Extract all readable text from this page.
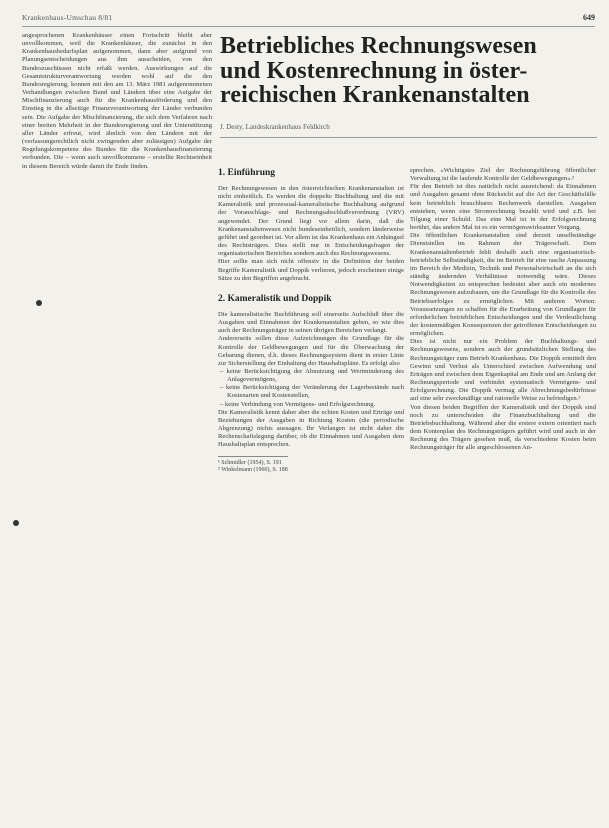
Krankenhaus-Umschau 8/81	649

angesprochenen Krankenhäuser einen Fortschritt bleibt aber unvollkommen, weil die Krankenhäuser, die zunächst in den Krankenhausbedarfsplan aufgenommen, dann aber aufgrund von Planungsentscheidungen aus ihm ausscheiden, von den Bundeszuschüssen nicht erfaßt werden. Auswirkungen auf die Gesamtstrukturverantwortung werden wohl auf die den Bundesregierung, konnen mit den am 13. März 1981 aufgenommenen Verhandlungen zwischen Bund und Ländern über eine Aufgabe der Mischfinanzierung auch für die Krankenhausförderung und den Einstieg in die allseitige Finanzverantwortung der Länder verbunden sein. Die Aufgabe der Mischfinanzierung, die sich dem Verfahren nach einer breiten Mehrheit in der Bundesregierung und der Unterstützung aller Länder erfreut, wird ähnlich von den Ländern mit der (verfassungsrechtlich nicht zwingenden aber zulässigen) Aufgabe der Regelungskompetenz des Bundes für die Krankenhausfinanzierung verbunden. Die – wenn auch unvollkommene – erstellte Rechtseinheit in diesem Bereich würde damit ihr Ende finden.

Betriebliches Rechnungswesen
und Kostenrechnung in öster-
reichischen Krankenanstalten
J. Desty, Landeskrankenhaus Feldkirch
1. Einführung

Der Rechnungswesen in den österreichischen Krankenanstalten ist nicht einheitlich. Es werden die doppelte Buchhaltung und die mit Kameralistik und prozessual-kameralistische Buchhaltung aufgrund der Voranschlags- und Rechnungsabschlußverordnung (VRV) angewendet. Der Grund liegt vor allem darin, daß die Krankenanstaltenwesen nicht bundeseinheitlich, sondern länderweise geführt und geordnet ist. Vor allem ist das Krankenhaus ein Anhängsel des Rechtsträgers. Dies stellt nur in Entscheidungsfragen der organisatorischen Bereiches sondern auch des Rechnungswesens.

Hier sollte man sich nicht offensiv in die Definition der beiden Begriffe Kameralistik und Doppik verlieren, jedoch erscheinen einige Sätze zu den Begriffen angebracht.

2. Kameralistik und Doppik

Die kameralistische Buchführung soll einerseits Aufschluß über die Ausgaben und Einnahmen der Krankenanstalten geben, so wie dies auch der Rechnungsträger in seinen übrigen Bereichen verlangt.

Andererseits sollen diese Aufzeichnungen die Grundlage für die Kontrolle der Geldbewegungen und für die Überwachung der Gebarung dienen, d.h. dieses Rechnungssystem dient in erster Linie zur Sicherstellung der Einhaltung der Haushaltspläne. Es erfolgt also

– keine Berücksichtigung der Abnutzung und Wertminderung des Anlagevermögens,
– keine Berücksichtigung der Veränderung der Lagerbestände nach Kostenarten und Kostenstellen,
– keine Verbindung von Vermögens- und Erfolgsrechnung.

Die Kameralistik kennt daher aber die echten Kosten und Erträge und Beziehungen der Ausgaben in Richtung Kosten (die periodische Abgrenzung) nichts aussagen. Ihr Verlangen ist nicht daher die Rechenschaftslegung darüber, ob die Einnahmen und Ausgaben dem Haushaltsplan entsprechen.

¹ Schmidler (1954), S. 191
² Winkelmann (1960), S. 188

sprechen. »Wichtigstes Ziel der Rechnungsführung öffentlicher Verwaltung ist die laufende Kontrolle der Geldbewegungen«.²

Für den Betrieb ist dies natürlich nicht ausreichend: da Einnahmen und Ausgaben gesamt ohne Rücksicht auf die Art der Geschäftsfälle kein betrieblich brauchbares Rechenwerk darstellen. Ausgaben entstehen, wenn eine Stromrechnung bezahlt wird und z.B. bei Tilgung einer Schuld. Das eine Mal ist in der Erfolgsrechnung berührt, das andere Mal ist es ein vermögenswirksamer Vorgang.

Die öffentlichen Krankenanstalten sind derzeit unselbständige Dienststellen im Rahmen der Trägerschaft. Dem Krankenanstaltenbetrieb fehlt deshalb auch eine organisatorisch-betriebliche Selbständigkeit, die im Betrieb für eine rasche Anpassung im Bereich der Medizin, Technik und Personalwirtschaft an die sich ständig ändernden Verhältnisse notwendig wäre. Dieses Notwendigkeiten zu entsprechen bedeutet aber auch ein modernes Rechnungswesen aufzubauen, um die Grundlage für die Kontrolle des Betriebserfolges zu ermöglichen. Mit anderen Worten: Voraussetzungen zu schaffen für die Erarbeitung von Grundlagen für erforderlichen betrieblichen Entscheidungen und die Verdeutlichung der kostenmäßigen Konsequenzen der getroffenen Entscheidungen zu ermöglichen.

Dies ist nicht nur ein Problem der Buchhaltungs- und Rechnungswesens, sondern auch der grundsätzlichen Stellung des Rechnungsträger zum Betrieb Krankenhaus. Die Doppik ermittelt den Gewinn und Verlust als Unterschied zwischen Aufwendung und Erträgen und zwischen dem Eigenkapital am Ende und am Anfang der Rechnungsperiode und verbindet systematisch Vermögens- und Erfolgsrechnung. Die Doppik vermag alle Abrechnungsbedürfnisse auf eine sehr zweckmäßige und rationelle Weise zu befriedigen.²

Von diesen beiden Begriffen der Kameralistik und der Doppik sind noch zu unterscheiden die Finanzbuchhaltung und die Betriebsbuchhaltung. Während aber die erstere extern orientiert nach dem Kontenplan des Rechnungsträgers geführt wird und auch in der Rechnung des Trägers gesehen muß, da verschiedene Kosten beim Rechnungsträger für alle angeschlossenen An-
